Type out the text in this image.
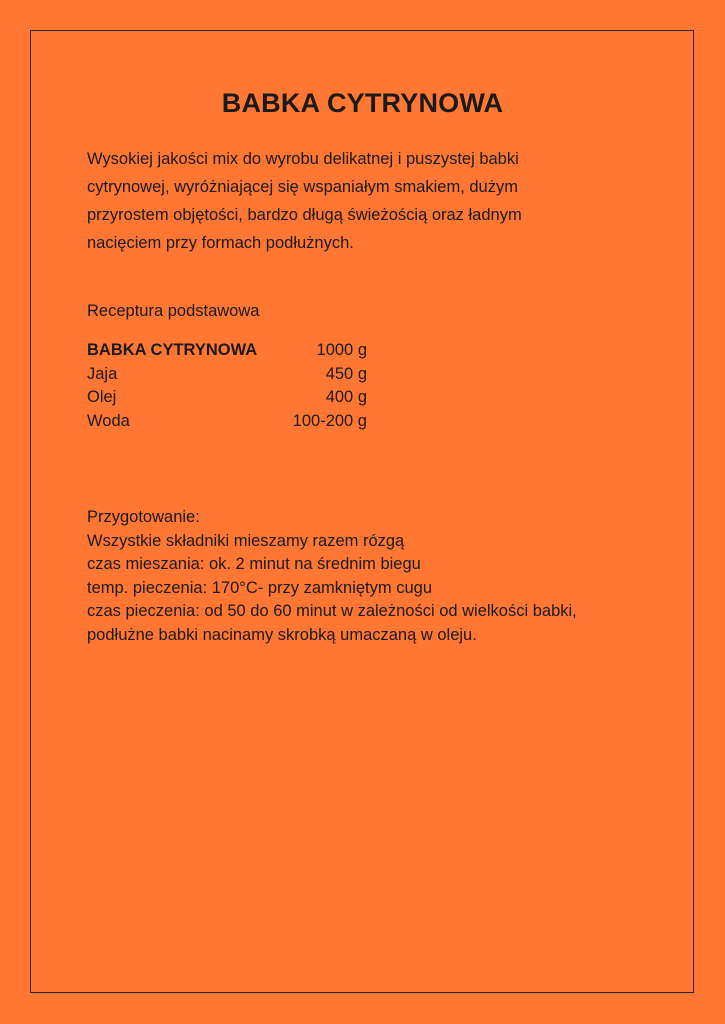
BABKA CYTRYNOWA
Wysokiej jakości mix do wyrobu delikatnej i puszystej babki
cytrynowej, wyróżniającej się wspaniałym smakiem, dużym
przyrostem objętości, bardzo długą świeżością oraz ładnym
nacięciem przy formach podłużnych.
Receptura podstawowa
BABKA CYTRYNOWA	1000 g
Jaja	450 g
Olej	400 g
Woda	100-200 g
Przygotowanie:
Wszystkie składniki mieszamy razem rózgą
czas mieszania: ok. 2 minut na średnim biegu
temp. pieczenia: 170°C- przy zamkniętym cugu
czas pieczenia: od 50 do 60 minut w zależności od wielkości babki,
podłużne babki nacinamy skrobką umaczaną w oleju.
